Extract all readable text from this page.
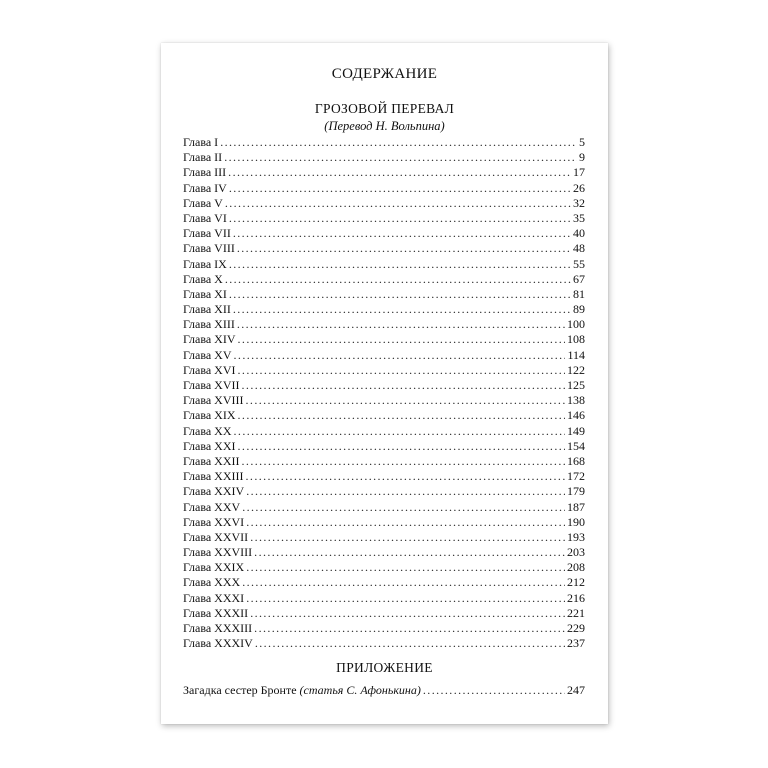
СОДЕРЖАНИЕ
ГРОЗОВОЙ ПЕРЕВАЛ
(Перевод Н. Вольпина)
Глава I .....	5
Глава II .....	9
Глава III .....	17
Глава IV .....	26
Глава V .....	32
Глава VI .....	35
Глава VII .....	40
Глава VIII .....	48
Глава IX .....	55
Глава X .....	67
Глава XI .....	81
Глава XII .....	89
Глава XIII .....	100
Глава XIV .....	108
Глава XV .....	114
Глава XVI .....	122
Глава XVII .....	125
Глава XVIII .....	138
Глава XIX .....	146
Глава XX .....	149
Глава XXI .....	154
Глава XXII .....	168
Глава XXIII .....	172
Глава XXIV .....	179
Глава XXV .....	187
Глава XXVI .....	190
Глава XXVII .....	193
Глава XXVIII .....	203
Глава XXIX .....	208
Глава XXX .....	212
Глава XXXI .....	216
Глава XXXII .....	221
Глава XXXIII .....	229
Глава XXXIV .....	237
ПРИЛОЖЕНИЕ
Загадка сестер Бронте (статья С. Афонькина) .....	247
